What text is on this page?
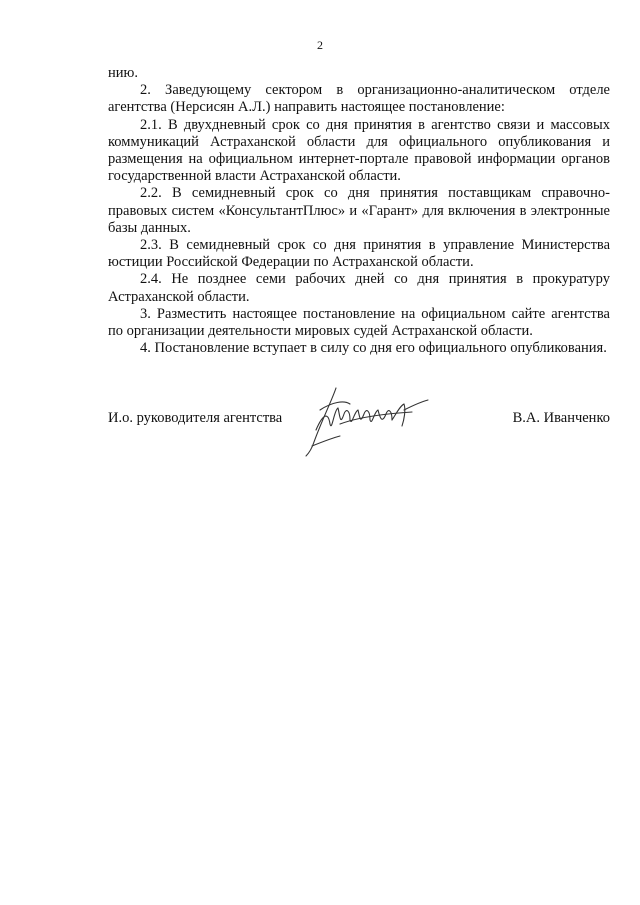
2

нию.

2. Заведующему сектором в организационно-аналитическом отделе агентства (Нерсисян А.Л.) направить настоящее постановление:

2.1. В двухдневный срок со дня принятия в агентство связи и массовых коммуникаций Астраханской области для официального опубликования и размещения на официальном интернет-портале правовой информации органов государственной власти Астраханской области.

2.2. В семидневный срок со дня принятия поставщикам справочно-правовых систем «КонсультантПлюс» и «Гарант» для включения в электронные базы данных.

2.3. В семидневный срок со дня принятия в управление Министерства юстиции Российской Федерации по Астраханской области.

2.4. Не позднее семи рабочих дней со дня принятия в прокуратуру Астраханской области.

3. Разместить настоящее постановление на официальном сайте агентства по организации деятельности мировых судей Астраханской области.

4. Постановление вступает в силу со дня его официального опубликования.

И.о. руководителя агентства	В.А. Иванченко
